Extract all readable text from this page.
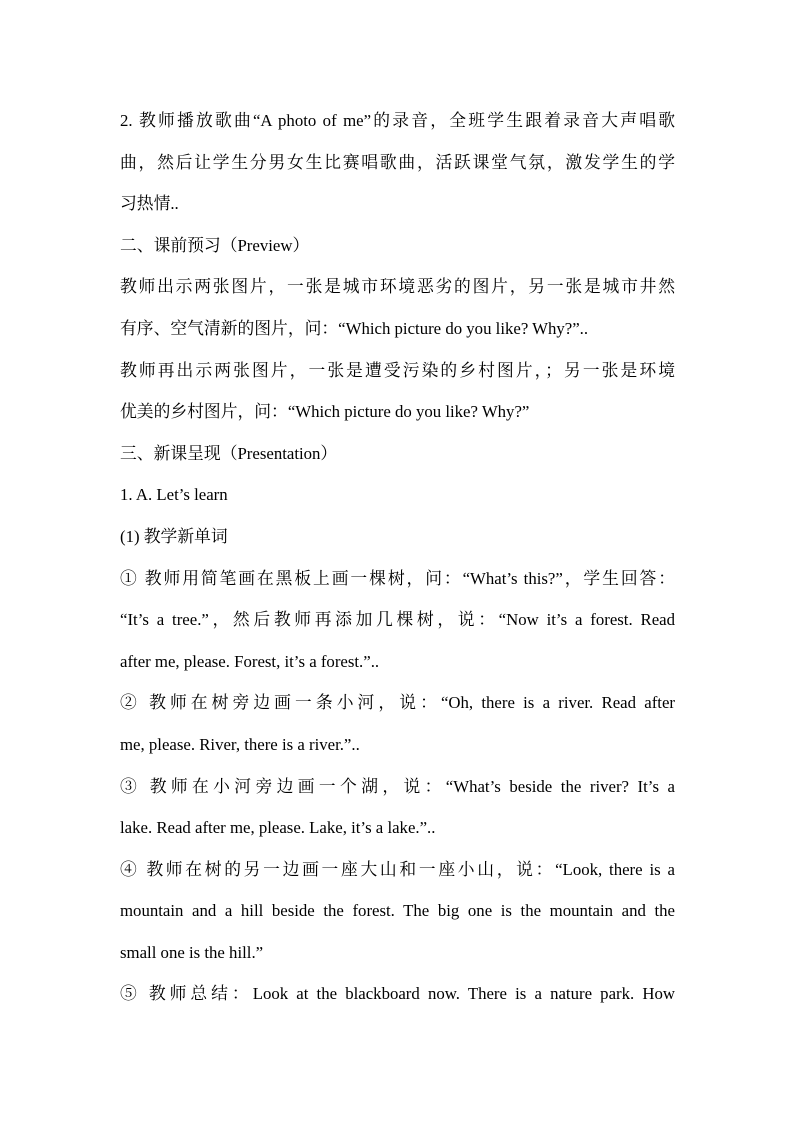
2. 教师播放歌曲“A photo of me”的录音，全班学生跟着录音大声唱歌
曲，然后让学生分男女生比赛唱歌曲，活跃课堂气氛，激发学生的学
习热情..
二、课前预习（Preview）
教师出示两张图片，一张是城市环境恶劣的图片，另一张是城市井然
有序、空气清新的图片，问：“Which picture do you like? Why?”..
教师再出示两张图片，一张是遭受污染的乡村图片，；另一张是环境
优美的乡村图片，问：“Which picture do you like? Why?”
三、新课呈现（Presentation）
1. A. Let’s learn
(1) 教学新单词
① 教师用简笔画在黑板上画一棵树，问：“What’s this?”，学生回答：
“It’s a tree.”，然后教师再添加几棵树，说：“Now it’s a forest. Read
after me, please. Forest, it’s a forest.”..
② 教师在树旁边画一条小河，说：“Oh, there is a river. Read after
me, please. River, there is a river.”..
③ 教师在小河旁边画一个湖，说：“What’s beside the river? It’s a
lake. Read after me, please. Lake, it’s a lake.”..
④ 教师在树的另一边画一座大山和一座小山，说：“Look, there is a
mountain and a hill beside the forest. The big one is the mountain and the
small one is the hill.”
⑤ 教师总结：Look at the blackboard now. There is a nature park. How
